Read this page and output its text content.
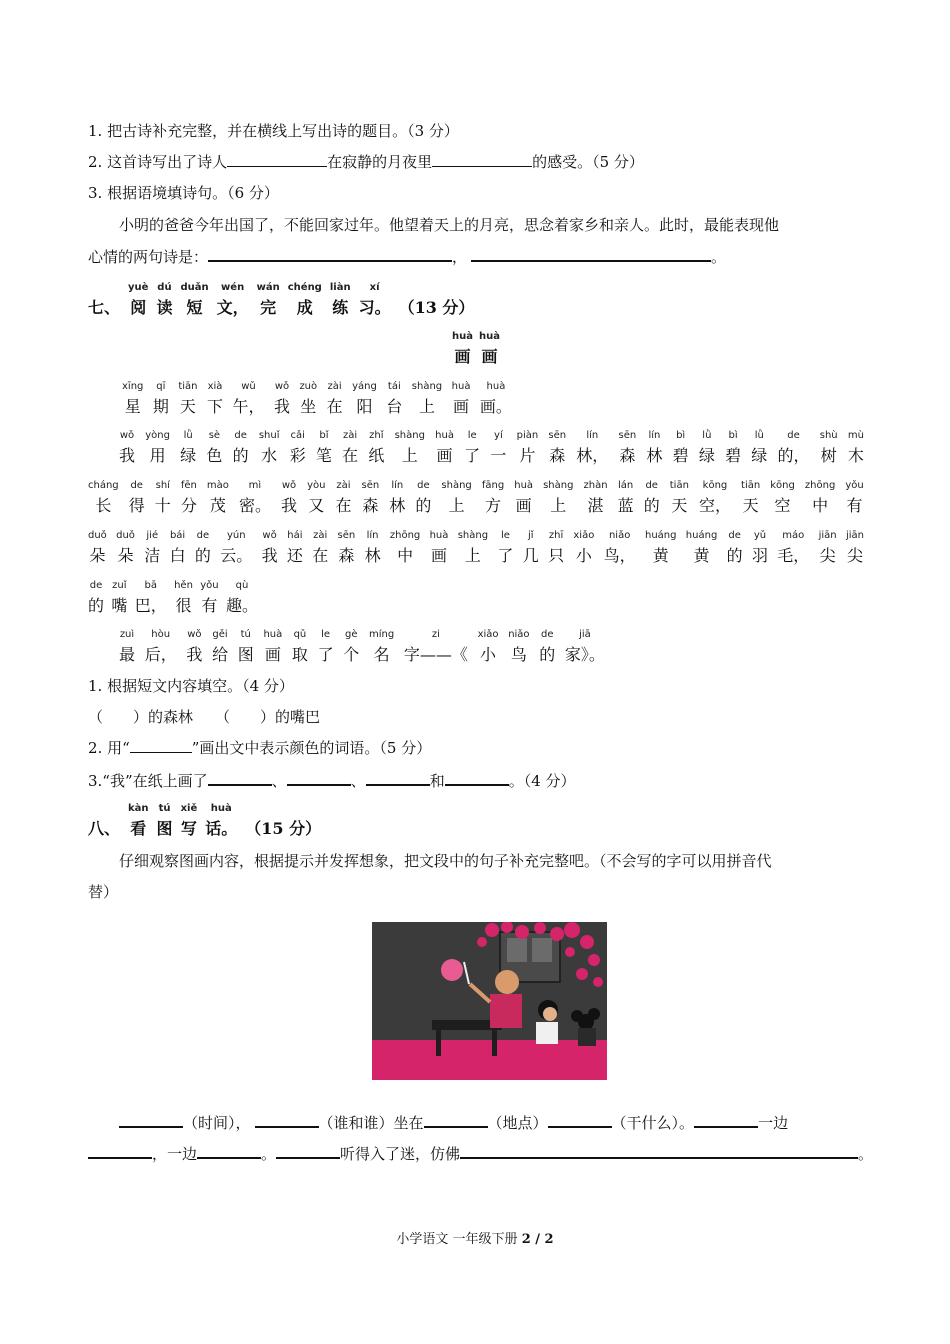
1. 把古诗补充完整，并在横线上写出诗的题目。（3 分）
2. 这首诗写出了诗人	在寂静的月夜里	的感受。（5 分）
3. 根据语境填诗句。（6 分）
小明的爸爸今年出国了，不能回家过年。他望着天上的月亮，思念着家乡和亲人。此时，最能表现他
心情的两句诗是：	，	。
七、
yuè
阅
dú
读
duǎn
短
wén
文，
wán
完
chéng
成
liàn
练
xí
习。 （13 分）
huà
画
huà
画
xīng
星
qī
期
tiān
天
xià
下
wǔ
午，
wǒ
我
zuò
坐
zài
在
yáng
阳
tái
台
shàng
上
huà
画
huà
画。
wǒ
我
yòng
用
lǜ
绿
sè
色
de
的
shuǐ
水
cǎi
彩
bǐ
笔
zài
在
zhǐ
纸
shàng
上
huà
画
le
了
yí
一
piàn
片
sēn
森
lín
林，
sēn
森
lín
林
bì
碧
lǜ
绿
bì
碧
lǜ
绿
de
的，
shù
树
mù
木
cháng
长
de
得
shí
十
fēn
分
mào
茂
mì
密。
wǒ
我
yòu
又
zài
在
sēn
森
lín
林
de
的
shàng
上
fāng
方
huà
画
shàng
上
zhàn
湛
lán
蓝
de
的
tiān
天
kōng
空，
tiān
天
kōng
空
zhōng
中
yǒu
有
duǒ
朵
duǒ
朵
jié
洁
bái
白
de
的
yún
云。
wǒ
我
hái
还
zài
在
sēn
森
lín
林
zhōng
中
huà
画
shàng
上
le
了
jǐ
几
zhī
只
xiǎo
小
niǎo
鸟，
huáng
黄
huáng
黄
de
的
yǔ
羽
máo
毛，
jiān
尖
jiān
尖
de
的
zuǐ
嘴
bā
巴，
hěn
很
yǒu
有
qù
趣。
zuì
最
hòu
后，
wǒ
我
gěi
给
tú
图
huà
画
qǔ
取
le
了
gè
个
míng
名
zi
字——《
xiǎo
小
niǎo
鸟
de
的
jiā
家》。
1. 根据短文内容填空。（4 分）
（　　）的森林 （　　）的嘴巴
2. 用“	”画出文中表示颜色的词语。（5 分）
3.“我”在纸上画了	、	、	和	。（4 分）
八、
kàn
看
tú
图
xiě
写
huà
话。 （15 分）
仔细观察图画内容，根据提示并发挥想象，把文段中的句子补充完整吧。（不会写的字可以用拼音代
替）
（时间），	（谁和谁）坐在	（地点）	（干什么）。	一边
，一边	。	听得入了迷，仿佛	。
小学语文 一年级下册 2 / 2
